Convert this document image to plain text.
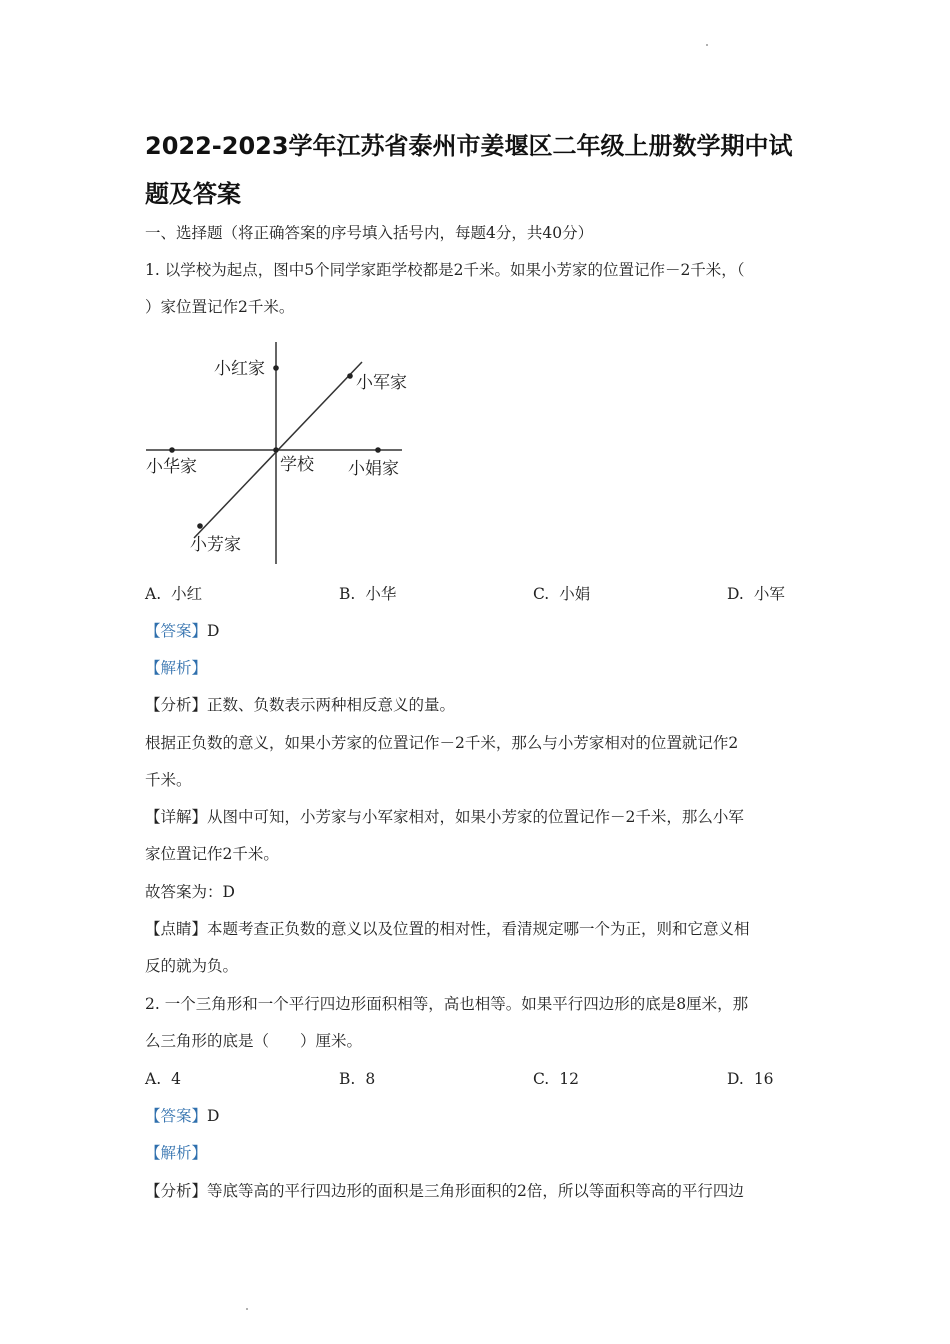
2022-2023学年江苏省泰州市姜堰区二年级上册数学期中试题及答案
一、选择题（将正确答案的序号填入括号内，每题4分，共40分）
1. 以学校为起点，图中5个同学家距学校都是2千米。如果小芳家的位置记作－2千米，（
）家位置记作2千米。
小红家
小军家
小华家	学校 小娟家
小芳家
A. 小红	B. 小华	C. 小娟	D. 小军
【答案】D
【解析】
【分析】正数、负数表示两种相反意义的量。
根据正负数的意义，如果小芳家的位置记作－2千米，那么与小芳家相对的位置就记作2
千米。
【详解】从图中可知，小芳家与小军家相对，如果小芳家的位置记作－2千米，那么小军
家位置记作2千米。
故答案为：D
【点睛】本题考查正负数的意义以及位置的相对性，看清规定哪一个为正，则和它意义相
反的就为负。
2. 一个三角形和一个平行四边形面积相等，高也相等。如果平行四边形的底是8厘米，那
么三角形的底是（　　）厘米。
A. 4	B. 8	C. 12	D. 16
【答案】D
【解析】
【分析】等底等高的平行四边形的面积是三角形面积的2倍，所以等面积等高的平行四边
